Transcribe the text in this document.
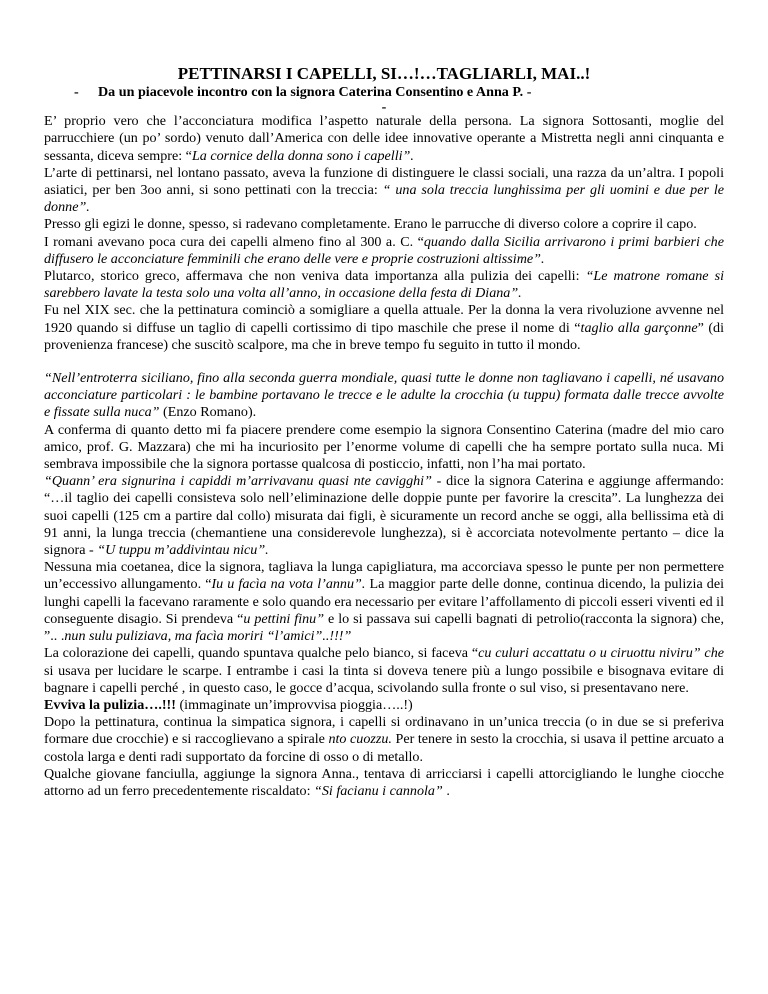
PETTINARSI I CAPELLI, SI…!…TAGLIARLI, MAI..!
- Da un piacevole incontro con la signora Caterina Consentino e Anna P. -
-

E’ proprio vero che l’acconciatura modifica l’aspetto naturale della persona. La signora Sottosanti, moglie del parrucchiere (un po’ sordo) venuto dall’America con delle idee innovative operante a Mistretta negli anni cinquanta e sessanta, diceva sempre: “La cornice della donna sono i capelli”.

L’arte di pettinarsi, nel lontano passato, aveva la funzione di distinguere le classi sociali, una razza da un’altra. I popoli asiatici, per ben 3oo anni, si sono pettinati con la treccia: “ una sola treccia lunghissima per gli uomini e due per le donne”.

Presso gli egizi le donne, spesso, si radevano completamente. Erano le parrucche di diverso colore a coprire il capo.

I romani avevano poca cura dei capelli almeno fino al 300 a. C. “quando dalla Sicilia arrivarono i primi barbieri che diffusero le acconciature femminili che erano delle vere e proprie costruzioni altissime”.

Plutarco, storico greco, affermava che non veniva data importanza alla pulizia dei capelli: “Le matrone romane si sarebbero lavate la testa solo una volta all’anno, in occasione della festa di Diana”.

Fu nel XIX sec. che la pettinatura cominciò a somigliare a quella attuale. Per la donna la vera rivoluzione avvenne nel 1920 quando si diffuse un taglio di capelli cortissimo di tipo maschile che prese il nome di “taglio alla garçonne” (di provenienza francese) che suscitò scalpore, ma che in breve tempo fu seguito in tutto il mondo.

“Nell’entroterra siciliano, fino alla seconda guerra mondiale, quasi tutte le donne non tagliavano i capelli, né usavano acconciature particolari : le bambine portavano le trecce e le adulte la crocchia (u tuppu) formata dalle trecce avvolte e fissate sulla nuca” (Enzo Romano).

A conferma di quanto detto mi fa piacere prendere come esempio la signora Consentino Caterina (madre del mio caro amico, prof. G. Mazzara) che mi ha incuriosito per l’enorme volume di capelli che ha sempre portato sulla nuca. Mi sembrava impossibile che la signora portasse qualcosa di posticcio, infatti, non l’ha mai portato.

“Quann’ era signurina i capiddi m’arrivavanu quasi nte cavigghi” - dice la signora Caterina e aggiunge affermando: “…il taglio dei capelli consisteva solo nell’eliminazione delle doppie punte per favorire la crescita”. La lunghezza dei suoi capelli (125 cm a partire dal collo) misurata dai figli, è sicuramente un record anche se oggi, alla bellissima età di 91 anni, la lunga treccia (chemantiene una considerevole lunghezza), si è accorciata notevolmente pertanto – dice la signora - “U tuppu m’addivintau nicu”.

Nessuna mia coetanea, dice la signora, tagliava la lunga capigliatura, ma accorciava spesso le punte per non permettere un’eccessivo allungamento. “Iu u facìa na vota l’annu”. La maggior parte delle donne, continua dicendo, la pulizia dei lunghi capelli la facevano raramente e solo quando era necessario per evitare l’affollamento di piccoli esseri viventi ed il conseguente disagio. Si prendeva “u pettini finu” e lo si passava sui capelli bagnati di petrolio(racconta la signora) che, ”.. .nun sulu puliziava, ma facìa moriri “l’amici”..!!!”

La colorazione dei capelli, quando spuntava qualche pelo bianco, si faceva “cu culuri accattatu o u ciruottu niviru” che si usava per lucidare le scarpe. I entrambe i casi la tinta si doveva tenere più a lungo possibile e bisognava evitare di bagnare i capelli perché , in questo caso, le gocce d’acqua, scivolando sulla fronte o sul viso, si presentavano nere.

Evviva la pulizia….!!! (immaginate un’improvvisa pioggia…..!)

Dopo la pettinatura, continua la simpatica signora, i capelli si ordinavano in un’unica treccia (o in due se si preferiva formare due crocchie) e si raccoglievano a spirale nto cuozzu. Per tenere in sesto la crocchia, si usava il pettine arcuato a costola larga e denti radi supportato da forcine di osso o di metallo.

Qualche giovane fanciulla, aggiunge la signora Anna., tentava di arricciarsi i capelli attorcigliando le lunghe ciocche attorno ad un ferro precedentemente riscaldato: “Si facianu i cannola” .
